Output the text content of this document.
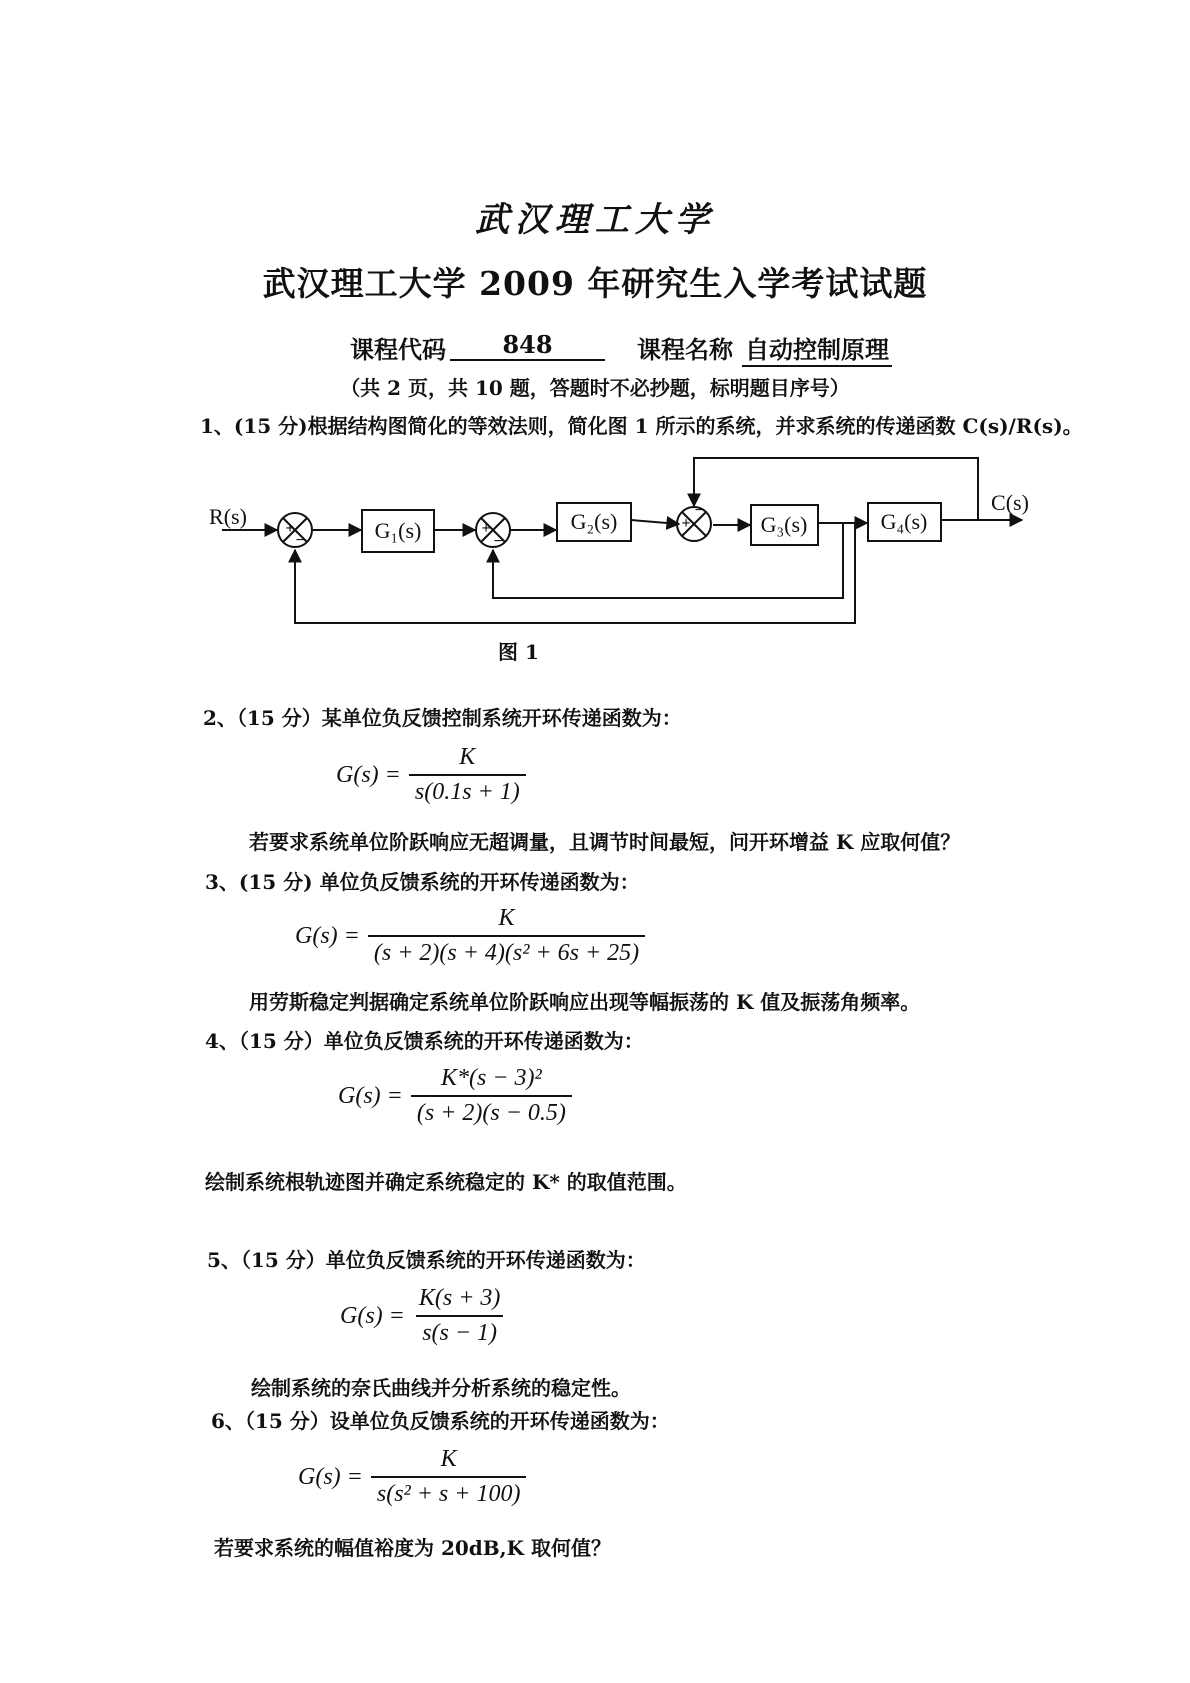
武汉理工大学
武汉理工大学 2009 年研究生入学考试试题
课程代码	848	课程名称 自动控制原理
（共 2 页，共 10 题，答题时不必抄题，标明题目序号）
1、(15 分)根据结构图简化的等效法则，简化图 1 所示的系统，并求系统的传递函数 C(s)/R(s)。
R(s)
C(s)
G₁(s)	G₂(s)	G₃(s)	G₄(s)
+
−
+
−
+
−
图 1
2、（15 分）某单位负反馈控制系统开环传递函数为：
$G(s) = \frac{K}{s(0.1s + 1)}$
若要求系统单位阶跃响应无超调量，且调节时间最短，问开环增益 K 应取何值？
3、(15 分) 单位负反馈系统的开环传递函数为：
$G(s) = \frac{K}{\text{(s + 2)(s + 4)(s² + 6s + 25)}}$
用劳斯稳定判据确定系统单位阶跃响应出现等幅振荡的 K 值及振荡角频率。
4、（15 分）单位负反馈系统的开环传递函数为：
$G(s) = \frac{\text{K*(s − 3)²}}{(s + 2)(s - 0.5)}$
绘制系统根轨迹图并确定系统稳定的 K* 的取值范围。
5、（15 分）单位负反馈系统的开环传递函数为：
$G(s) = \frac{K(s + 3)}{s(s - 1)}$
绘制系统的奈氏曲线并分析系统的稳定性。
6、（15 分）设单位负反馈系统的开环传递函数为：
$G(s) = \frac{K}{\text{s(s² + s + 100)}}$
若要求系统的幅值裕度为 20dB,K 取何值？
